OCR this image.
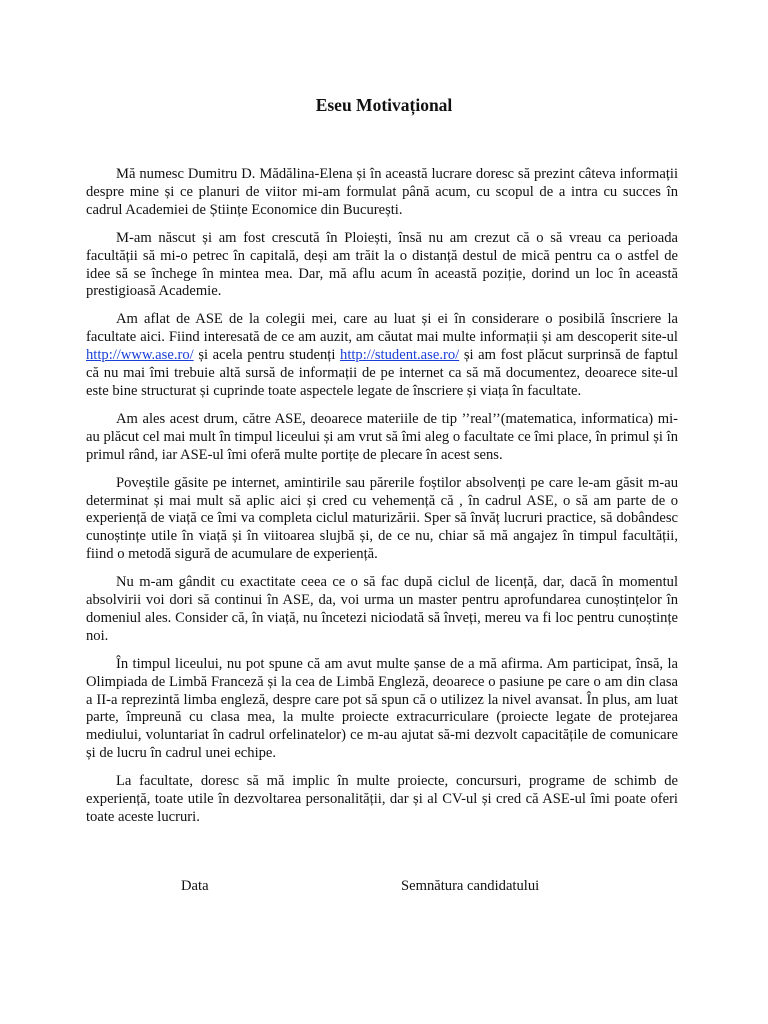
Eseu Motivațional

Mă numesc Dumitru D. Mădălina-Elena și în această lucrare doresc să prezint câteva informații despre mine și ce planuri de viitor mi-am formulat până acum, cu scopul de a intra cu succes în cadrul Academiei de Științe Economice din București.

M-am născut și am fost crescută în Ploiești, însă nu am crezut că o să vreau ca perioada facultății să mi-o petrec în capitală, deși am trăit la o distanță destul de mică pentru ca o astfel de idee să se închege în mintea mea. Dar, mă aflu acum în această poziție, dorind un loc în această prestigioasă Academie.

Am aflat de ASE de la colegii mei, care au luat și ei în considerare o posibilă înscriere la facultate aici. Fiind interesată de ce am auzit, am căutat mai multe informații și am descoperit site-ul http://www.ase.ro/ și acela pentru studenți http://student.ase.ro/ și am fost plăcut surprinsă de faptul că nu mai îmi trebuie altă sursă de informații de pe internet ca să mă documentez, deoarece site-ul este bine structurat și cuprinde toate aspectele legate de înscriere și viața în facultate.

Am ales acest drum, către ASE, deoarece materiile de tip ’’real’’(matematica, informatica) mi-au plăcut cel mai mult în timpul liceului și am vrut să îmi aleg o facultate ce îmi place, în primul și în primul rând, iar ASE-ul îmi oferă multe portițe de plecare în acest sens.

Poveștile găsite pe internet, amintirile sau părerile foștilor absolvenți pe care le-am găsit m-au determinat și mai mult să aplic aici și cred cu vehemență că , în cadrul ASE, o să am parte de o experiență de viață ce îmi va completa ciclul maturizării. Sper să învăț lucruri practice, să dobândesc cunoștințe utile în viață și în viitoarea slujbă și, de ce nu, chiar să mă angajez în timpul facultății, fiind o metodă sigură de acumulare de experiență.

Nu m-am gândit cu exactitate ceea ce o să fac după ciclul de licență, dar, dacă în momentul absolvirii voi dori să continui în ASE, da, voi urma un master pentru aprofundarea cunoștințelor în domeniul ales. Consider că, în viață, nu încetezi niciodată să înveți, mereu va fi loc pentru cunoștințe noi.

În timpul liceului, nu pot spune că am avut multe șanse de a mă afirma. Am participat, însă, la Olimpiada de Limbă Franceză și la cea de Limbă Engleză, deoarece o pasiune pe care o am din clasa a II-a reprezintă limba engleză, despre care pot să spun că o utilizez la nivel avansat. În plus, am luat parte, împreună cu clasa mea, la multe proiecte extracurriculare (proiecte legate de protejarea mediului, voluntariat în cadrul orfelinatelor) ce m-au ajutat să-mi dezvolt capacitățile de comunicare și de lucru în cadrul unei echipe.

La facultate, doresc să mă implic în multe proiecte, concursuri, programe de schimb de experiență, toate utile în dezvoltarea personalității, dar și al CV-ul și cred că ASE-ul îmi poate oferi toate aceste lucruri.

Data	Semnătura candidatului
